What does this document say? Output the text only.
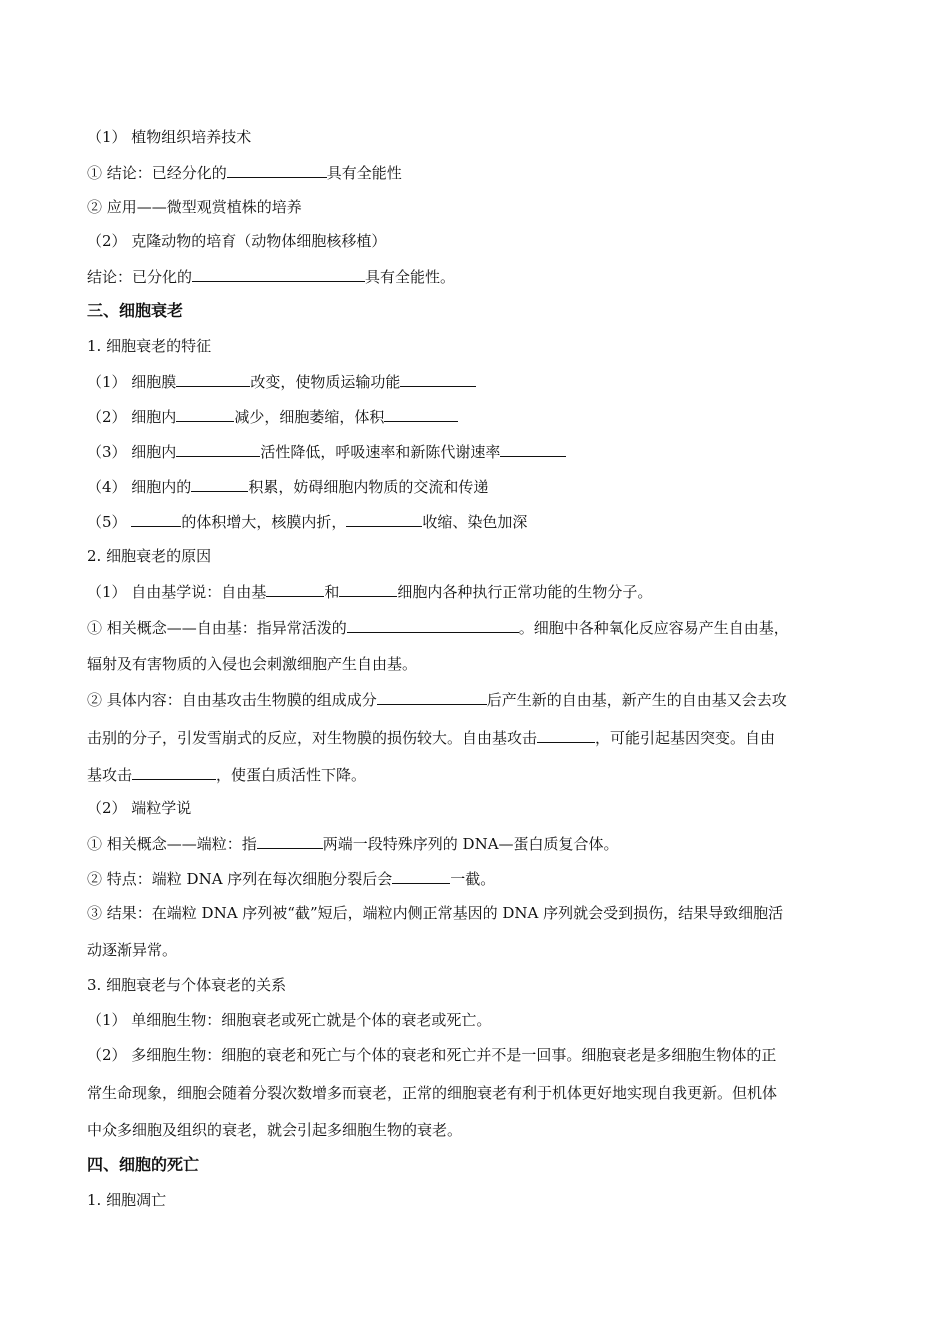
（1） 植物组织培养技术
① 结论：已经分化的	具有全能性
② 应用——微型观赏植株的培养
（2） 克隆动物的培育（动物体细胞核移植）
结论：已分化的	具有全能性。
三、细胞衰老
1. 细胞衰老的特征
（1） 细胞膜	改变，使物质运输功能
（2） 细胞内	减少，细胞萎缩，体积
（3） 细胞内	活性降低，呼吸速率和新陈代谢速率
（4） 细胞内的	积累，妨碍细胞内物质的交流和传递
（5）	的体积增大，核膜内折，	收缩、染色加深
2. 细胞衰老的原因
（1） 自由基学说：自由基	和	细胞内各种执行正常功能的生物分子。
① 相关概念——自由基：指异常活泼的	。细胞中各种氧化反应容易产生自由基，
辐射及有害物质的入侵也会刺激细胞产生自由基。
② 具体内容：自由基攻击生物膜的组成成分	后产生新的自由基，新产生的自由基又会去攻
击别的分子，引发雪崩式的反应，对生物膜的损伤较大。自由基攻击	，可能引起基因突变。自由
基攻击	，使蛋白质活性下降。
（2） 端粒学说
① 相关概念——端粒：指	两端一段特殊序列的 DNA—蛋白质复合体。
② 特点：端粒 DNA 序列在每次细胞分裂后会	一截。
③ 结果：在端粒 DNA 序列被“截”短后，端粒内侧正常基因的 DNA 序列就会受到损伤，结果导致细胞活
动逐渐异常。
3. 细胞衰老与个体衰老的关系
（1） 单细胞生物：细胞衰老或死亡就是个体的衰老或死亡。
（2） 多细胞生物：细胞的衰老和死亡与个体的衰老和死亡并不是一回事。细胞衰老是多细胞生物体的正
常生命现象，细胞会随着分裂次数增多而衰老，正常的细胞衰老有利于机体更好地实现自我更新。但机体
中众多细胞及组织的衰老，就会引起多细胞生物的衰老。
四、细胞的死亡
1. 细胞凋亡
